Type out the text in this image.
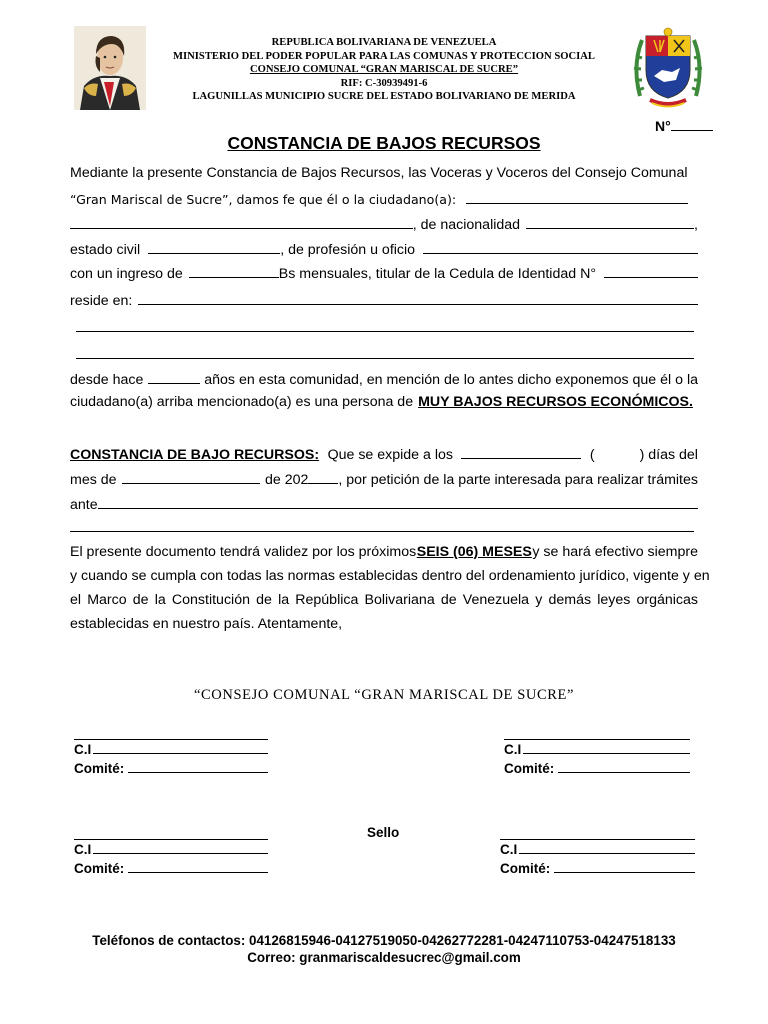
REPUBLICA BOLIVARIANA DE VENEZUELA
MINISTERIO DEL PODER POPULAR PARA LAS COMUNAS Y PROTECCION SOCIAL
CONSEJO COMUNAL “GRAN MARISCAL DE SUCRE”
RIF: C-30939491-6
LAGUNILLAS MUNICIPIO SUCRE DEL ESTADO BOLIVARIANO DE MERIDA
N°
CONSTANCIA DE BAJOS RECURSOS
Mediante la presente Constancia de Bajos Recursos, las Voceras y Voceros del Consejo Comunal
“Gran Mariscal de Sucre”, damos fe que él o la ciudadano(a):
, de nacionalidad	,
estado civil	, de profesión u oficio
con un ingreso de	Bs mensuales, titular de la Cedula de Identidad N°
reside en:
desde hace	años en esta comunidad, en mención de lo antes dicho exponemos que él o la
ciudadano(a) arriba mencionado(a) es una persona de MUY BAJOS RECURSOS ECONÓMICOS.
CONSTANCIA DE BAJO RECURSOS: Que se expide a los	(	) días del
mes de	de 202 , por petición de la parte interesada para realizar trámites
ante
El presente documento tendrá validez por los próximos SEIS (06) MESES y se hará efectivo siempre
y cuando se cumpla con todas las normas establecidas dentro del ordenamiento jurídico, vigente y en
el Marco de la Constitución de la República Bolivariana de Venezuela y demás leyes orgánicas
establecidas en nuestro país. Atentamente,
“CONSEJO COMUNAL “GRAN MARISCAL DE SUCRE”
C.I
Comité:
C.I
Comité:
Sello
C.I
Comité:
C.I
Comité:
Teléfonos de contactos: 04126815946-04127519050-04262772281-04247110753-04247518133
Correo: granmariscaldesucrec@gmail.com
